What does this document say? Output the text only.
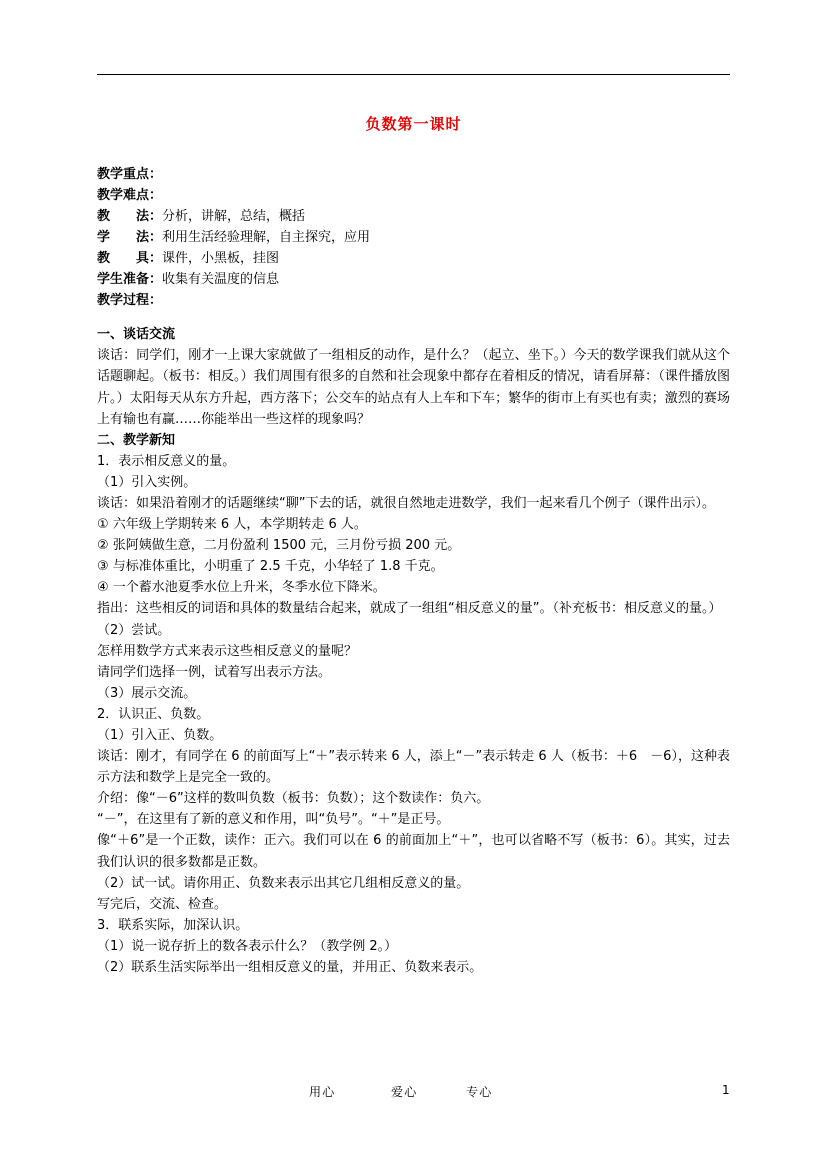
负数第一课时
教学重点：
教学难点：
教　　法：分析，讲解，总结，概括
学　　法：利用生活经验理解，自主探究，应用
教　　具：课件，小黑板，挂图
学生准备：收集有关温度的信息
教学过程：
一、谈话交流
谈话：同学们，刚才一上课大家就做了一组相反的动作，是什么？（起立、坐下。）今天的数学课我们就从这个话题聊起。（板书：相反。）我们周围有很多的自然和社会现象中都存在着相反的情况，请看屏幕：（课件播放图片。）太阳每天从东方升起，西方落下；公交车的站点有人上车和下车；繁华的街市上有买也有卖；激烈的赛场上有输也有赢……你能举出一些这样的现象吗？
二、教学新知
1．表示相反意义的量。
（1）引入实例。
谈话：如果沿着刚才的话题继续“聊”下去的话，就很自然地走进数学，我们一起来看几个例子（课件出示）。
① 六年级上学期转来 6 人，本学期转走 6 人。
② 张阿姨做生意，二月份盈利 1500 元，三月份亏损 200 元。
③ 与标准体重比，小明重了 2.5 千克，小华轻了 1.8 千克。
④ 一个蓄水池夏季水位上升米，冬季水位下降米。
指出：这些相反的词语和具体的数量结合起来，就成了一组组“相反意义的量”。（补充板书：相反意义的量。）
（2）尝试。
怎样用数学方式来表示这些相反意义的量呢？
请同学们选择一例，试着写出表示方法。
（3）展示交流。
2．认识正、负数。
（1）引入正、负数。
谈话：刚才，有同学在 6 的前面写上“＋”表示转来 6 人，添上“－”表示转走 6 人（板书：＋6　－6），这种表示方法和数学上是完全一致的。
介绍：像“－6”这样的数叫负数（板书：负数）；这个数读作：负六。
“－”，在这里有了新的意义和作用，叫“负号”。“＋”是正号。
像“＋6”是一个正数，读作：正六。我们可以在 6 的前面加上“＋”，也可以省略不写（板书：6）。其实，过去我们认识的很多数都是正数。
（2）试一试。请你用正、负数来表示出其它几组相反意义的量。
写完后，交流、检查。
3．联系实际，加深认识。
（1）说一说存折上的数各表示什么？（教学例 2。）
（2）联系生活实际举出一组相反意义的量，并用正、负数来表示。
用心	爱心	专心	1
